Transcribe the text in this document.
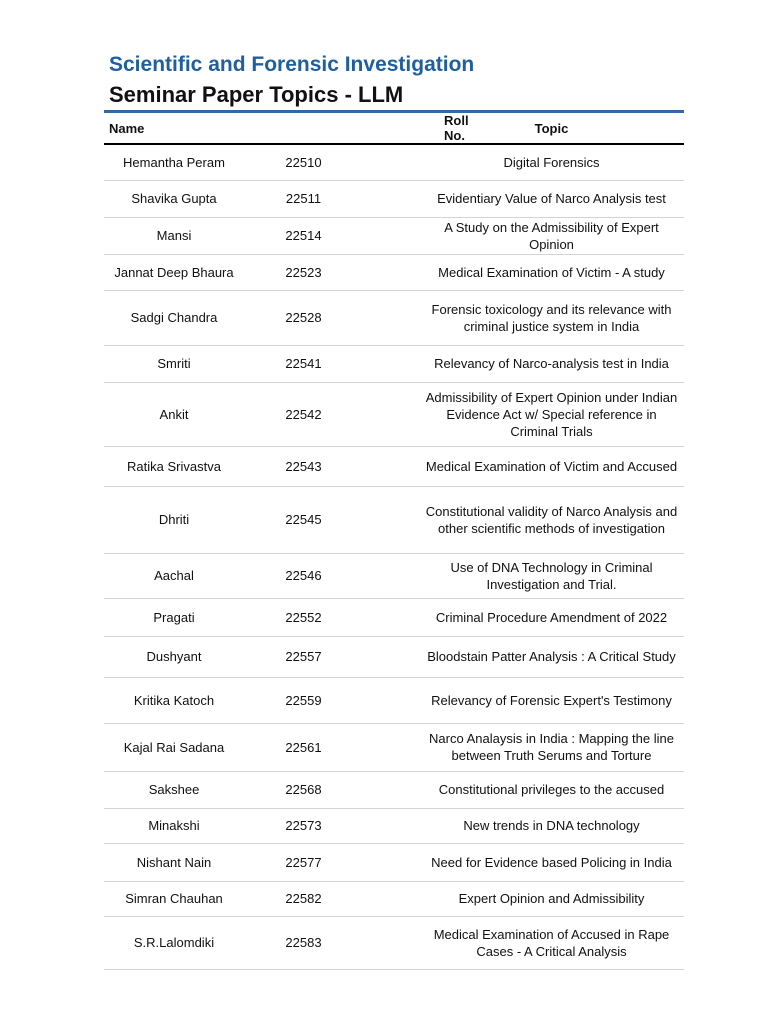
Scientific and Forensic Investigation
Seminar Paper Topics - LLM
Name	Roll No.	Topic
Hemantha Peram	22510	Digital Forensics
Shavika Gupta	22511	Evidentiary Value of Narco Analysis test
Mansi	22514	A Study on the Admissibility of Expert Opinion
Jannat Deep Bhaura	22523	Medical Examination of Victim - A study
Sadgi Chandra	22528	Forensic toxicology and its relevance with criminal justice system in India
Smriti	22541	Relevancy of Narco-analysis test in India
Ankit	22542	Admissibility of Expert Opinion under Indian Evidence Act w/ Special reference in Criminal Trials
Ratika Srivastva	22543	Medical Examination of Victim and Accused
Dhriti	22545	Constitutional validity of Narco Analysis and other scientific methods of investigation
Aachal	22546	Use of DNA Technology in Criminal Investigation and Trial.
Pragati	22552	Criminal Procedure Amendment of 2022
Dushyant	22557	Bloodstain Patter Analysis : A Critical Study
Kritika Katoch	22559	Relevancy of Forensic Expert's Testimony
Kajal Rai Sadana	22561	Narco Analaysis in India : Mapping the line between Truth Serums and Torture
Sakshee	22568	Constitutional privileges to the accused
Minakshi	22573	New trends in DNA technology
Nishant Nain	22577	Need for Evidence based Policing in India
Simran Chauhan	22582	Expert Opinion and Admissibility
S.R.Lalomdiki	22583	Medical Examination of Accused in Rape Cases - A Critical Analysis
